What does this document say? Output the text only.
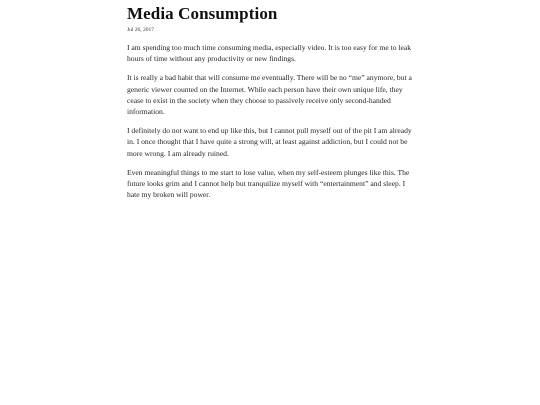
Media Consumption
Jul 26, 2017

I am spending too much time consuming media, especially video. It is too easy for me to leak hours of time without any productivity or new findings.

It is really a bad habit that will consume me eventually. There will be no “me” anymore, but a generic viewer counted on the Internet. While each person have their own unique life, they cease to exist in the society when they choose to passively receive only second-handed information.

I definitely do not want to end up like this, but I cannot pull myself out of the pit I am already in. I once thought that I have quite a strong will, at least against addiction, but I could not be more wrong. I am already ruined.

Even meaningful things to me start to lose value, when my self-esteem plunges like this. The future looks grim and I cannot help but tranquilize myself with “entertainment” and sleep. I hate my broken will power.
